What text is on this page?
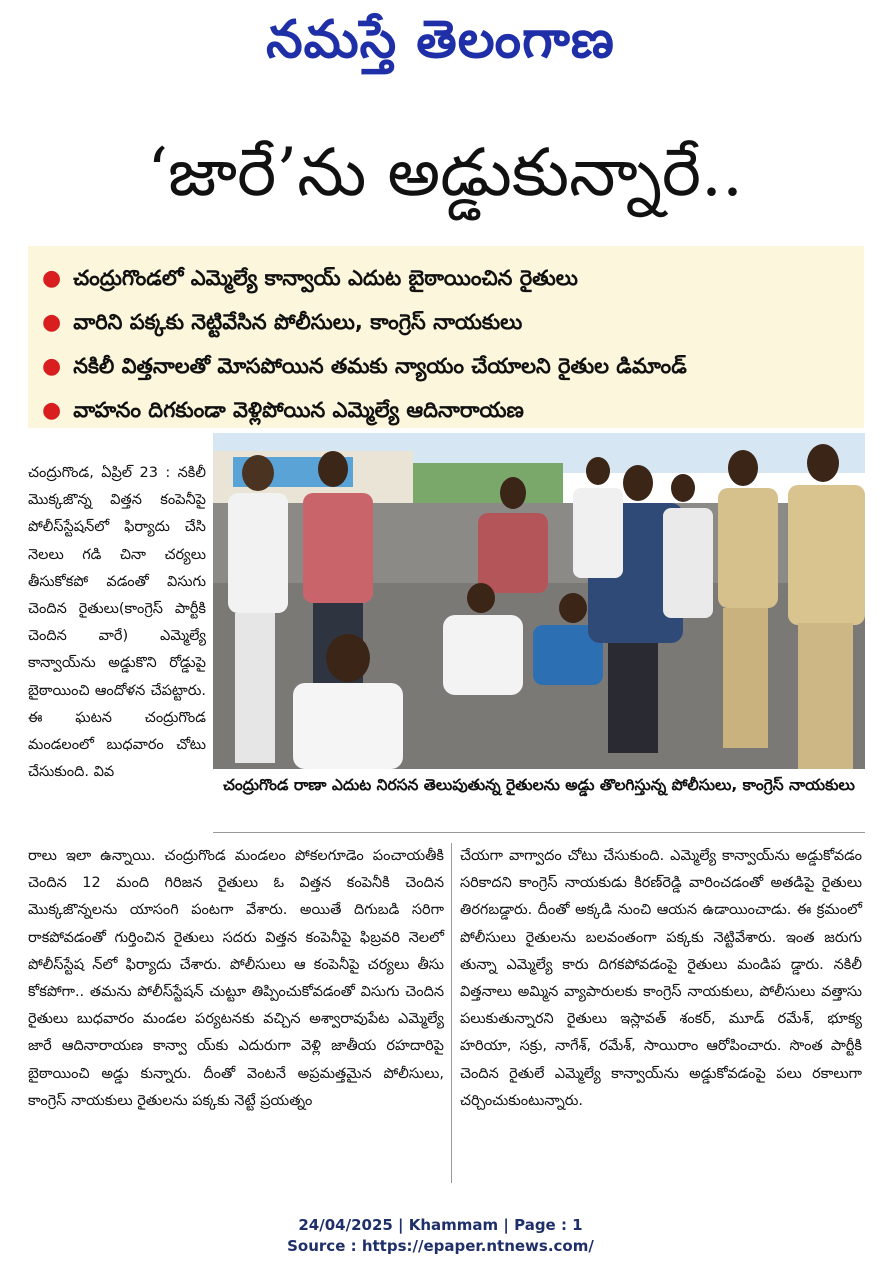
నమస్తే తెలంగాణ
‘జారే’ను అడ్డుకున్నారే..
● చంద్రుగొండలో ఎమ్మెల్యే కాన్వాయ్ ఎదుట బైఠాయించిన రైతులు
● వారిని పక్కకు నెట్టివేసిన పోలీసులు, కాంగ్రెస్ నాయకులు
● నకిలీ విత్తనాలతో మోసపోయిన తమకు న్యాయం చేయాలని రైతుల డిమాండ్
● వాహనం దిగకుండా వెళ్లిపోయిన ఎమ్మెల్యే ఆదినారాయణ
చంద్రుగొండ రాణా ఎదుట నిరసన తెలుపుతున్న రైతులను అడ్డు తొలగిస్తున్న పోలీసులు, కాంగ్రెస్ నాయకులు
చంద్రుగొండ, ఏప్రిల్ 23 : నకిలీ మొక్కజొన్న విత్తన కంపెనీపై పోలీస్‌స్టేషన్‌లో ఫిర్యాదు చేసి నెలలు గడి చినా చర్యలు తీసుకోకపో వడంతో విసుగు చెందిన రైతులు(కాంగ్రెస్ పార్టీకి చెందిన వారే) ఎమ్మెల్యే కాన్వాయ్‌ను అడ్డుకొని రోడ్డుపై బైఠాయించి ఆందోళన చేపట్టారు. ఈ ఘటన చంద్రుగొండ మండలంలో బుధవారం చోటు చేసుకుంది. వివ
రాలు ఇలా ఉన్నాయి. చంద్రుగొండ మండలం పోకలగూడెం పంచాయతీకి చెందిన 12 మంది గిరిజన రైతులు ఓ విత్తన కంపెనీకి చెందిన మొక్కజొన్నలను యాసంగి పంటగా వేశారు. అయితే దిగుబడి సరిగా రాకపోవడంతో గుర్తించిన రైతులు సదరు విత్తన కంపెనీపై ఫిబ్రవరి నెలలో పోలీస్‌స్టేష న్‌లో ఫిర్యాదు చేశారు. పోలీసులు ఆ కంపెనీపై చర్యలు తీసు కోకపోగా.. తమను పోలీస్‌స్టేషన్ చుట్టూ తిప్పించుకోవడంతో విసుగు చెందిన రైతులు బుధవారం మండల పర్యటనకు వచ్చిన అశ్వారావుపేట ఎమ్మెల్యే జారే ఆదినారాయణ కాన్వా య్‌కు ఎదురుగా వెళ్లి జాతీయ రహదారిపై బైఠాయించి అడ్డు కున్నారు. దీంతో వెంటనే అప్రమత్తమైన పోలీసులు, కాంగ్రెస్ నాయకులు రైతులను పక్కకు నెట్టే ప్రయత్నం
చేయగా వాగ్వాదం చోటు చేసుకుంది. ఎమ్మెల్యే కాన్వాయ్‌ను అడ్డుకోవడం సరికాదని కాంగ్రెస్ నాయకుడు కిరణ్‌రెడ్డి వారించడంతో అతడిపై రైతులు తిరగబడ్డారు. దీంతో అక్కడి నుంచి ఆయన ఉడాయించాడు. ఈ క్రమంలో పోలీసులు రైతులను బలవంతంగా పక్కకు నెట్టివేశారు. ఇంత జరుగు తున్నా ఎమ్మెల్యే కారు దిగకపోవడంపై రైతులు మండిప డ్డారు. నకిలీ విత్తనాలు అమ్మిన వ్యాపారులకు కాంగ్రెస్ నాయకులు, పోలీసులు వత్తాసు పలుకుతున్నారని రైతులు ఇస్లావత్ శంకర్, మూడ్ రమేశ్, భూక్య హరియా, సక్రు, నాగేశ్, రమేశ్, సాయిరాం ఆరోపించారు. సొంత పార్టీకి చెందిన రైతులే ఎమ్మెల్యే కాన్వాయ్‌ను అడ్డుకోవడంపై పలు రకాలుగా చర్చించుకుంటున్నారు.
24/04/2025 | Khammam | Page : 1
Source : https://epaper.ntnews.com/
